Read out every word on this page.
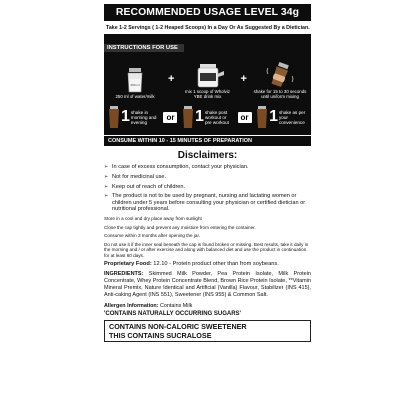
RECOMMENDED USAGE LEVEL 34g
Take 1-2 Servings ( 1-2 Heaped Scoops) In a Day Or As Suggested By a Dietician.
INSTRUCTIONS FOR USE
250 ml
250 ml of water/milk
+
mix 1 scoop of Wholviz YBE drink mix
+
shake for 15 to 30 seconds until uniform mixing
1 shake in morning and evening
or 1 shake post workout or pre workout
or 1 shake as per your convenience
CONSUME WITHIN 10 - 15 MINUTES OF PREPARATION
Disclaimers:
➢ In case of excess consumption, contact your physician.
➢ Not for medicinal use.
➢ Keep out of reach of children.
➢ The product is not to be used by pregnant, nursing and lactating women or children under 5 years before consulting your physician or certified dietician or nutritional professional.
Store in a cool and dry place away from sunlight
Close the cap tightly and prevent any moisture from entering the container.
Consume within 3 months after opening the jar.
Do not use it if the inner seal beneath the cap is found broken or missing. Best results, take it daily in the morning and / or after exercise and along with balanced diet and use the product in continuation for at least 60 days.
Proprietary Food: 12.10 - Protein product other than from soybeans.
INGREDIENTS: Skimmed Milk Powder, Pea Protein Isolate, Milk Protein Concentrate, Whey Protein Concentrate Blend, Brown Rice Protein Isolate, **Vitamin Mineral Premix, Nature Identical and Artificial (Vanilla) Flavour, Stabilizer (INS 415), Anti-caking Agent (INS 551), Sweetener (INS 955) & Common Salt.
Allergen Information: Contains Milk
'CONTAINS NATURALLY OCCURRING SUGARS'
CONTAINS NON-CALORIC SWEETENER
THIS CONTAINS SUCRALOSE
